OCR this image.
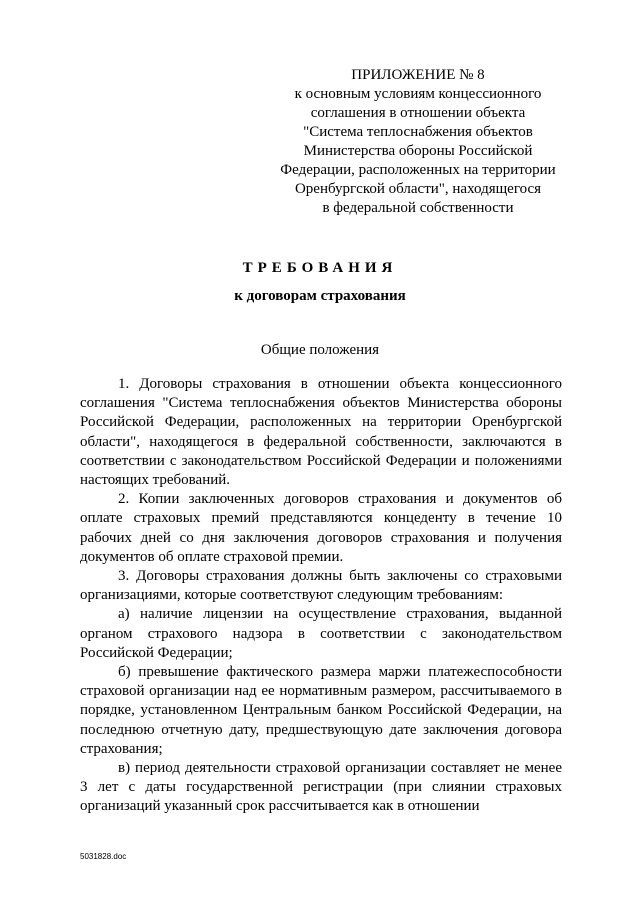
ПРИЛОЖЕНИЕ № 8
к основным условиям концессионного
соглашения в отношении объекта
"Система теплоснабжения объектов
Министерства обороны Российской
Федерации, расположенных на территории
Оренбургской области", находящегося
в федеральной собственности
ТРЕБОВАНИЯ
к договорам страхования
Общие положения

1. Договоры страхования в отношении объекта концессионного соглашения "Система теплоснабжения объектов Министерства обороны Российской Федерации, расположенных на территории Оренбургской области", находящегося в федеральной собственности, заключаются в соответствии с законодательством Российской Федерации и положениями настоящих требований.

2. Копии заключенных договоров страхования и документов об оплате страховых премий представляются концеденту в течение 10 рабочих дней со дня заключения договоров страхования и получения документов об оплате страховой премии.

3. Договоры страхования должны быть заключены со страховыми организациями, которые соответствуют следующим требованиям:

а) наличие лицензии на осуществление страхования, выданной органом страхового надзора в соответствии с законодательством Российской Федерации;

б) превышение фактического размера маржи платежеспособности страховой организации над ее нормативным размером, рассчитываемого в порядке, установленном Центральным банком Российской Федерации, на последнюю отчетную дату, предшествующую дате заключения договора страхования;

в) период деятельности страховой организации составляет не менее 3 лет с даты государственной регистрации (при слиянии страховых организаций указанный срок рассчитывается как в отношении

5031828.doc
